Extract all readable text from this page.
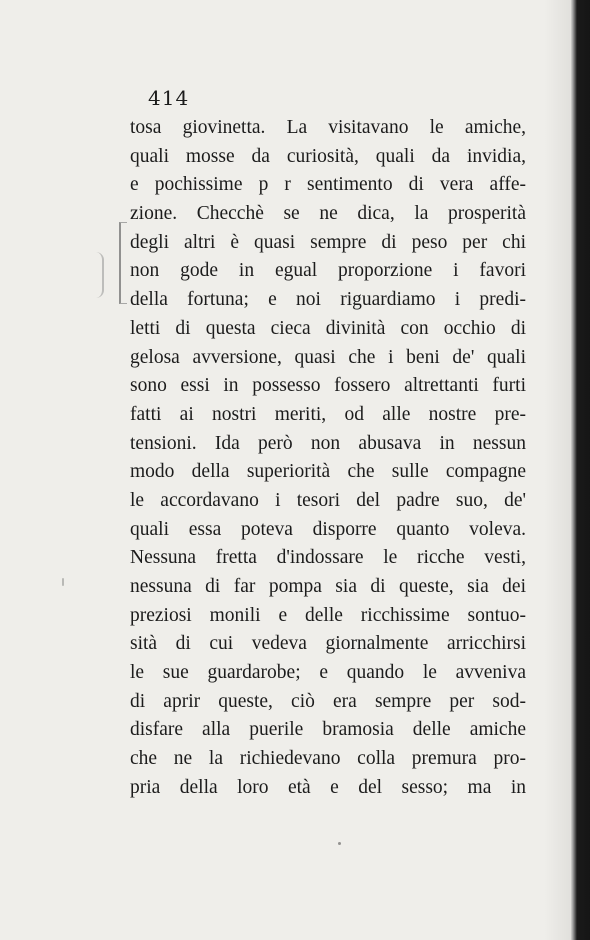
414
tosa giovinetta. La visitavano le amiche,
quali mosse da curiosità, quali da invidia,
e pochissime p r sentimento di vera affe-
zione. Checchè se ne dica, la prosperità
degli altri è quasi sempre di peso per chi
non gode in egual proporzione i favori
della fortuna; e noi riguardiamo i predi-
letti di questa cieca divinità con occhio di
gelosa avversione, quasi che i beni de' quali
sono essi in possesso fossero altrettanti furti
fatti ai nostri meriti, od alle nostre pre-
tensioni. Ida però non abusava in nessun
modo della superiorità che sulle compagne
le accordavano i tesori del padre suo, de'
quali essa poteva disporre quanto voleva.
Nessuna fretta d'indossare le ricche vesti,
nessuna di far pompa sia di queste, sia dei
preziosi monili e delle ricchissime sontuo-
sità di cui vedeva giornalmente arricchirsi
le sue guardarobe; e quando le avveniva
di aprir queste, ciò era sempre per sod-
disfare alla puerile bramosia delle amiche
che ne la richiedevano colla premura pro-
pria della loro età e del sesso; ma in
